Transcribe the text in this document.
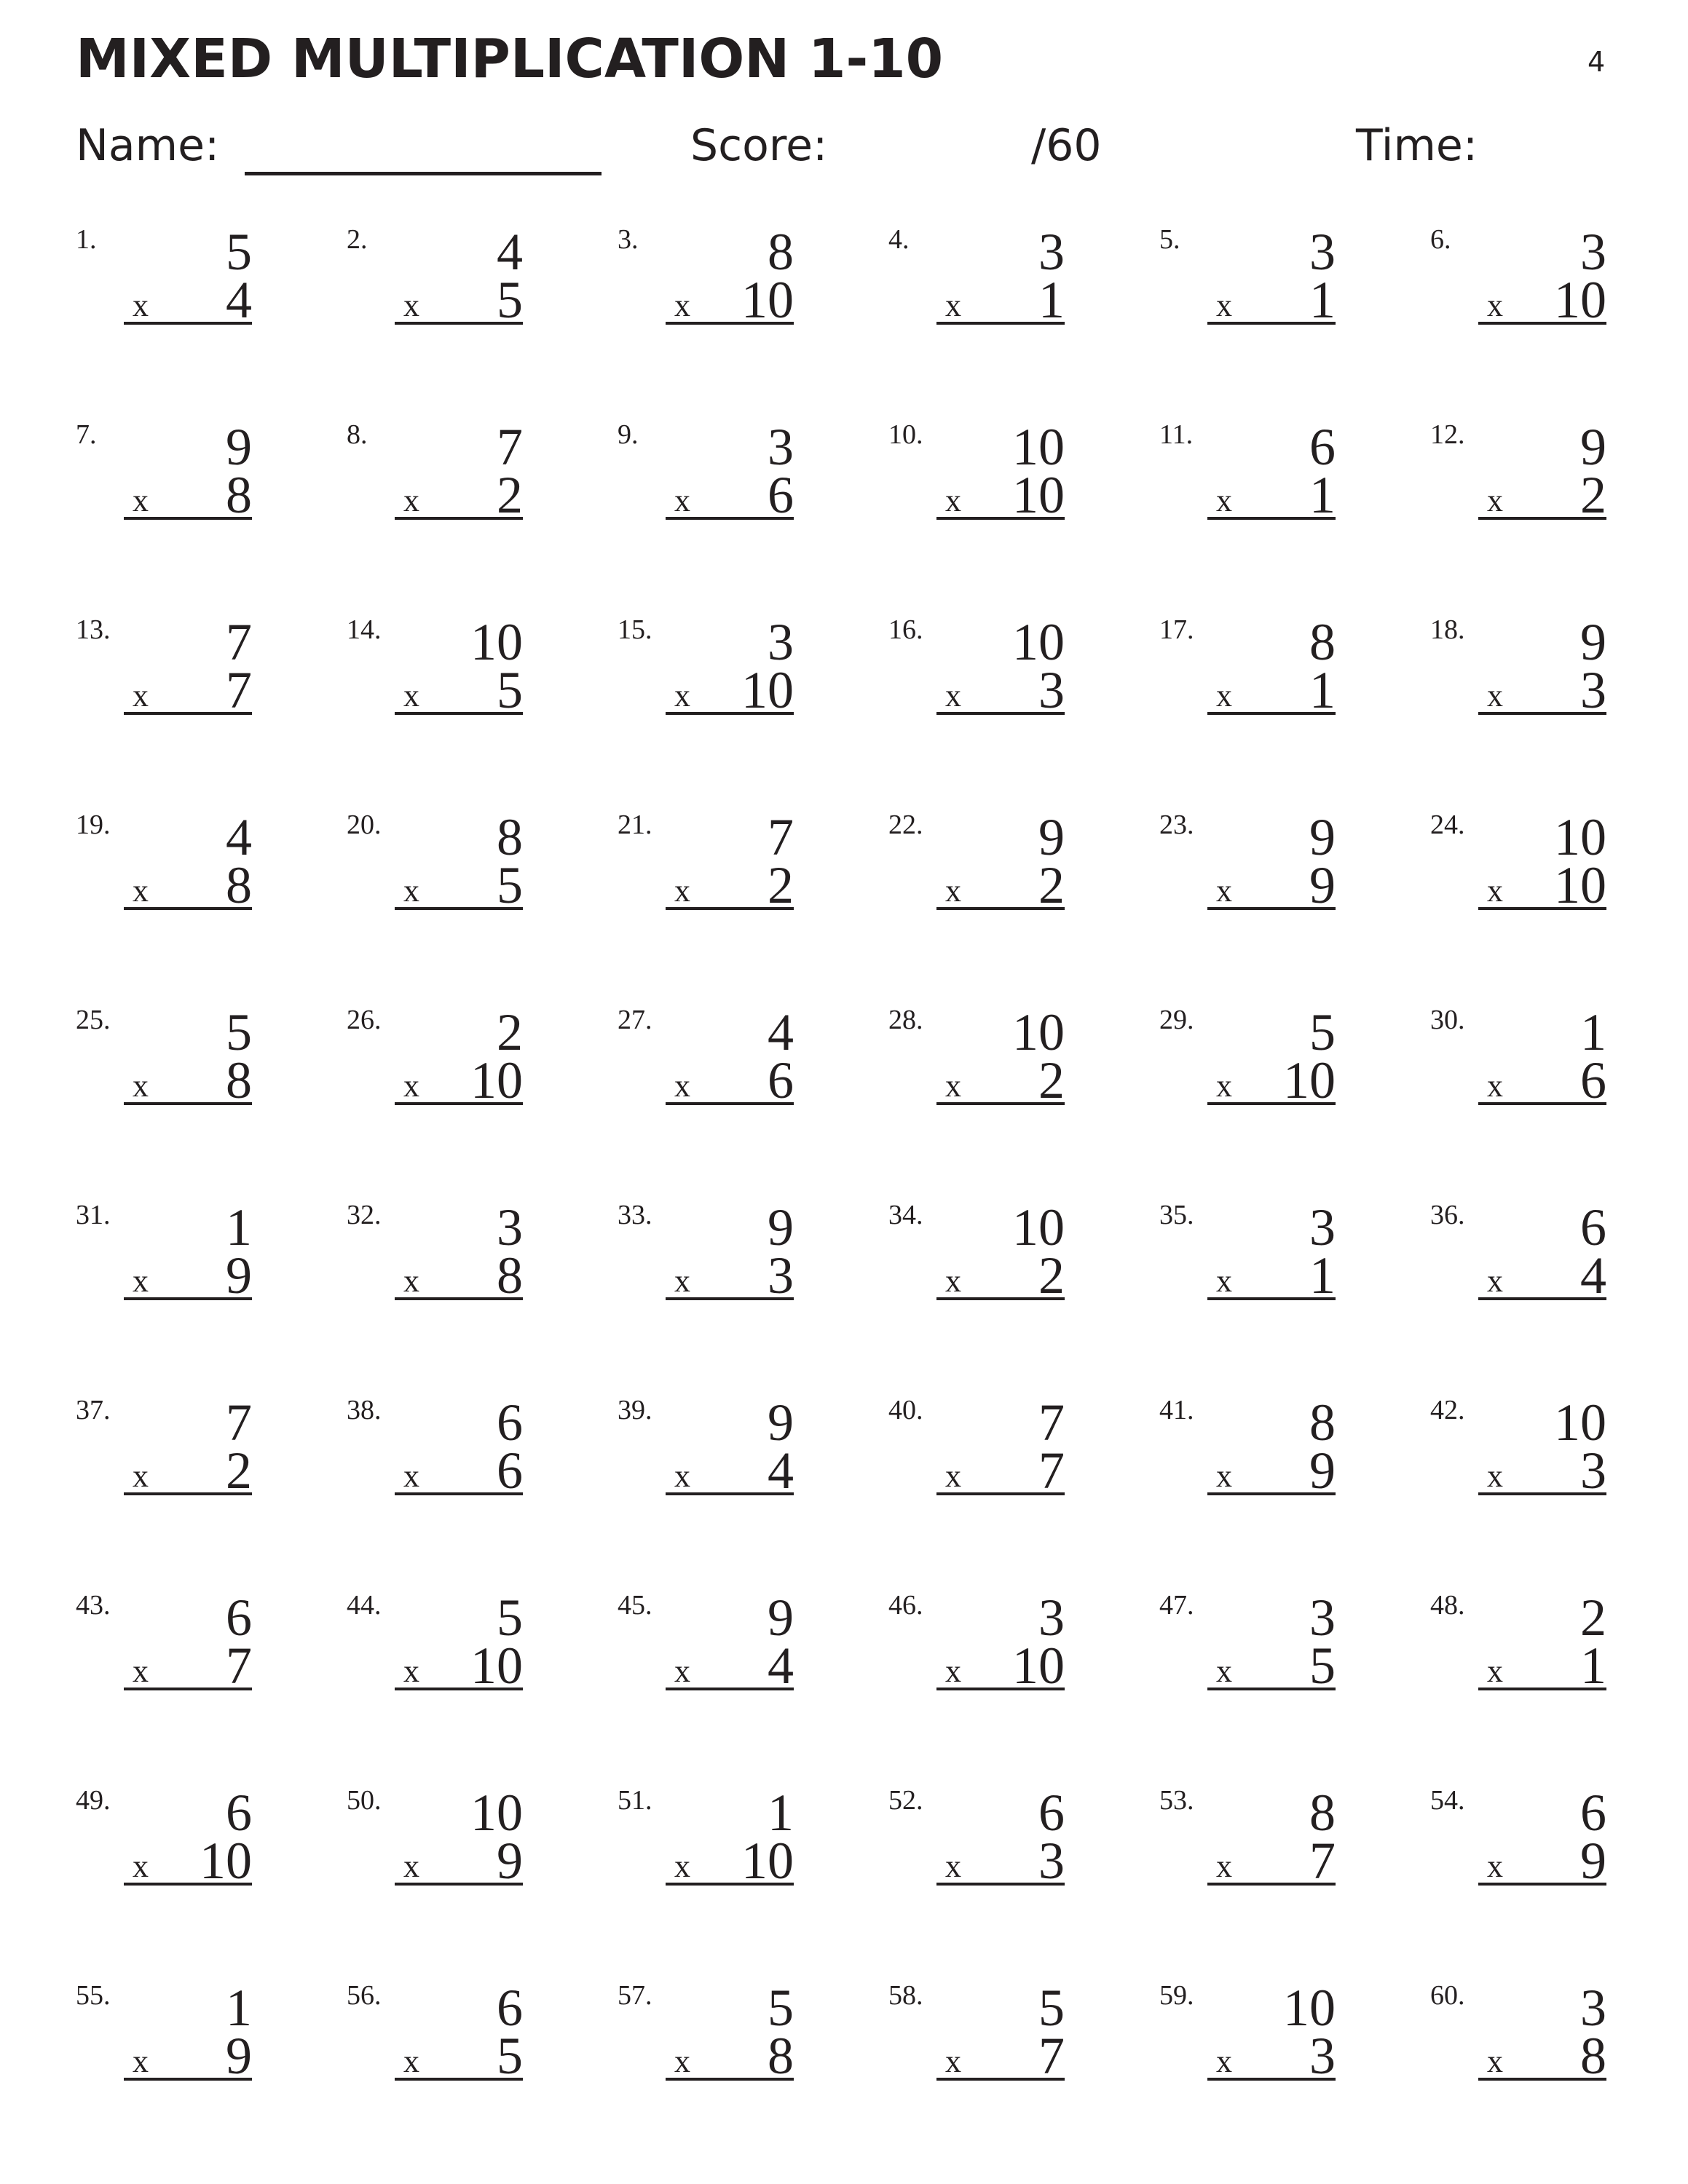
MIXED MULTIPLICATION 1-10	4
Name:	Score:	/60	Time:
1.	5
x 4
2.	4
x 5
3.	8
x 10
4.	3
x 1
5.	3
x 1
6.	3
x 10
7.	9
x 8
8.	7
x 2
9.	3
x 6
10.	10
x 10
11.	6
x 1
12.	9
x 2
13.	7
x 7
14.	10
x 5
15.	3
x 10
16.	10
x 3
17.	8
x 1
18.	9
x 3
19.	4
x 8
20.	8
x 5
21.	7
x 2
22.	9
x 2
23.	9
x 9
24.	10
x 10
25.	5
x 8
26.	2
x 10
27.	4
x 6
28.	10
x 2
29.	5
x 10
30.	1
x 6
31.	1
x 9
32.	3
x 8
33.	9
x 3
34.	10
x 2
35.	3
x 1
36.	6
x 4
37.	7
x 2
38.	6
x 6
39.	9
x 4
40.	7
x 7
41.	8
x 9
42.	10
x 3
43.	6
x 7
44.	5
x 10
45.	9
x 4
46.	3
x 10
47.	3
x 5
48.	2
x 1
49.	6
x 10
50.	10
x 9
51.	1
x 10
52.	6
x 3
53.	8
x 7
54.	6
x 9
55.	1
x 9
56.	6
x 5
57.	5
x 8
58.	5
x 7
59.	10
x 3
60.	3
x 8
